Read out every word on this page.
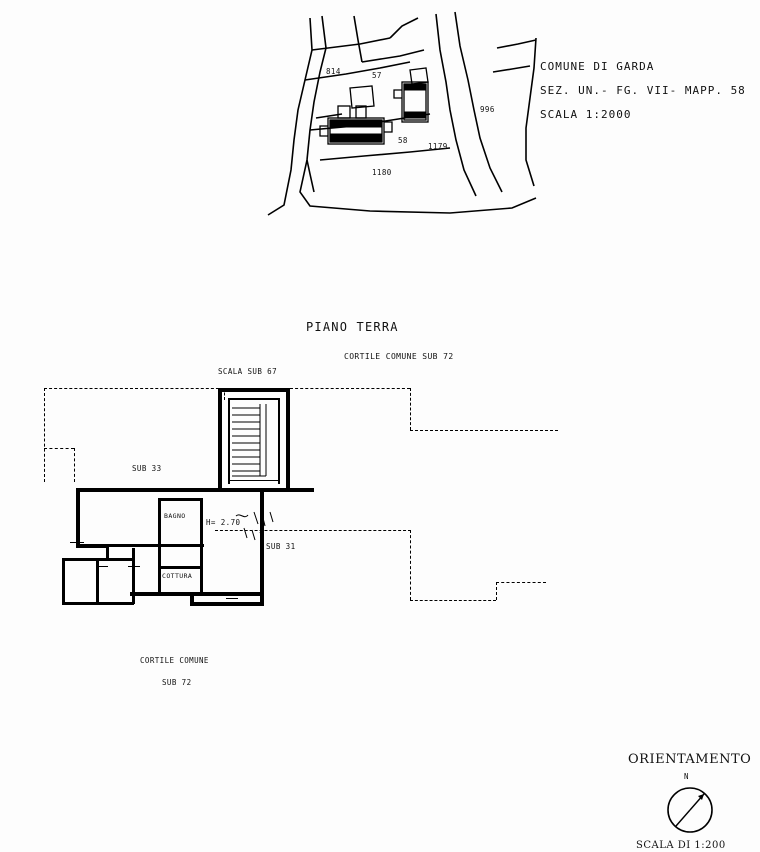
814	57
58
1179
1180
996
COMUNE DI GARDA
SEZ. UN.- FG. VII- MAPP. 58
SCALA 1:2000
PIANO TERRA
CORTILE COMUNE SUB 72
SCALA SUB 67
SUB 33
BAGNO
H= 2.70
SUB 31
COTTURA
CORTILE COMUNE
SUB 72
ORIENTAMENTO
N
SCALA DI 1:200
